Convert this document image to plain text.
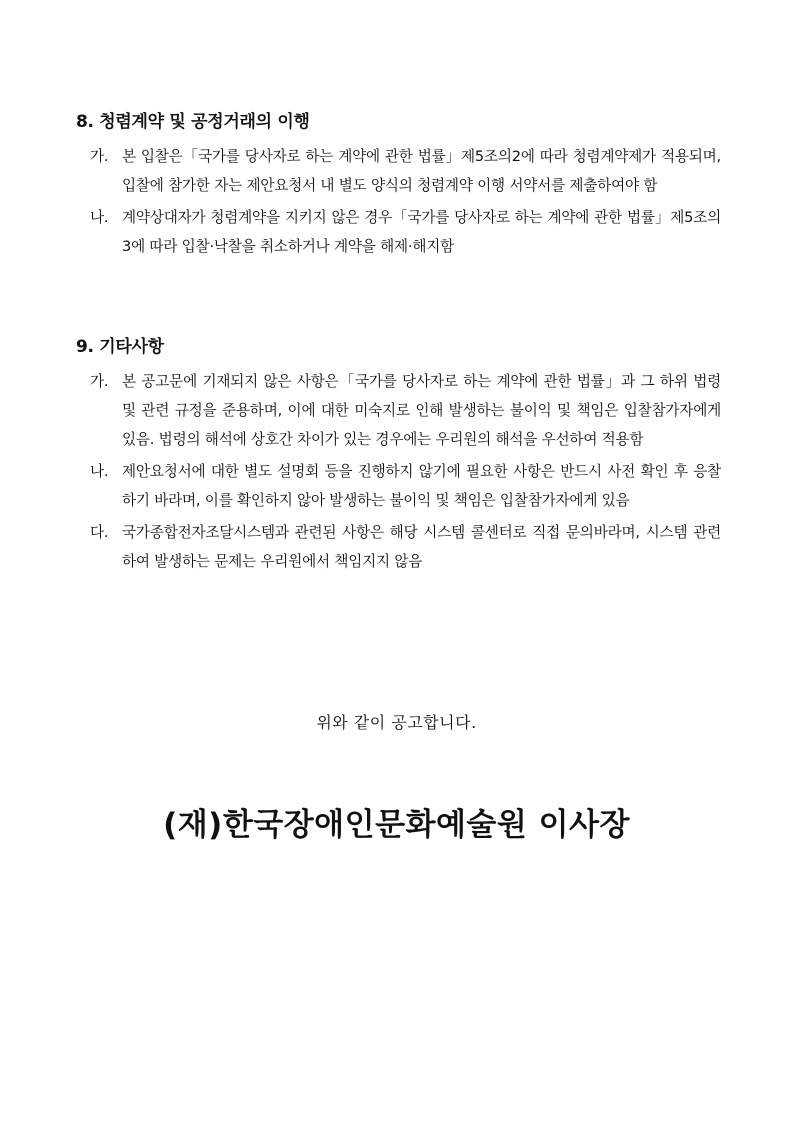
8. 청렴계약 및 공정거래의 이행
가. 본 입찰은「국가를 당사자로 하는 계약에 관한 법률」제5조의2에 따라 청렴계약제가 적용되며, 입찰에 참가한 자는 제안요청서 내 별도 양식의 청렴계약 이행 서약서를 제출하여야 함
나. 계약상대자가 청렴계약을 지키지 않은 경우「국가를 당사자로 하는 계약에 관한 법률」제5조의3에 따라 입찰·낙찰을 취소하거나 계약을 해제·해지함
9. 기타사항
가. 본 공고문에 기재되지 않은 사항은「국가를 당사자로 하는 계약에 관한 법률」과 그 하위 법령 및 관련 규정을 준용하며, 이에 대한 미숙지로 인해 발생하는 불이익 및 책임은 입찰참가자에게 있음. 법령의 해석에 상호간 차이가 있는 경우에는 우리원의 해석을 우선하여 적용함
나. 제안요청서에 대한 별도 설명회 등을 진행하지 않기에 필요한 사항은 반드시 사전 확인 후 응찰하기 바라며, 이를 확인하지 않아 발생하는 불이익 및 책임은 입찰참가자에게 있음
다. 국가종합전자조달시스템과 관련된 사항은 해당 시스템 콜센터로 직접 문의바라며, 시스템 관련하여 발생하는 문제는 우리원에서 책임지지 않음
위와 같이 공고합니다.
(재)한국장애인문화예술원 이사장
